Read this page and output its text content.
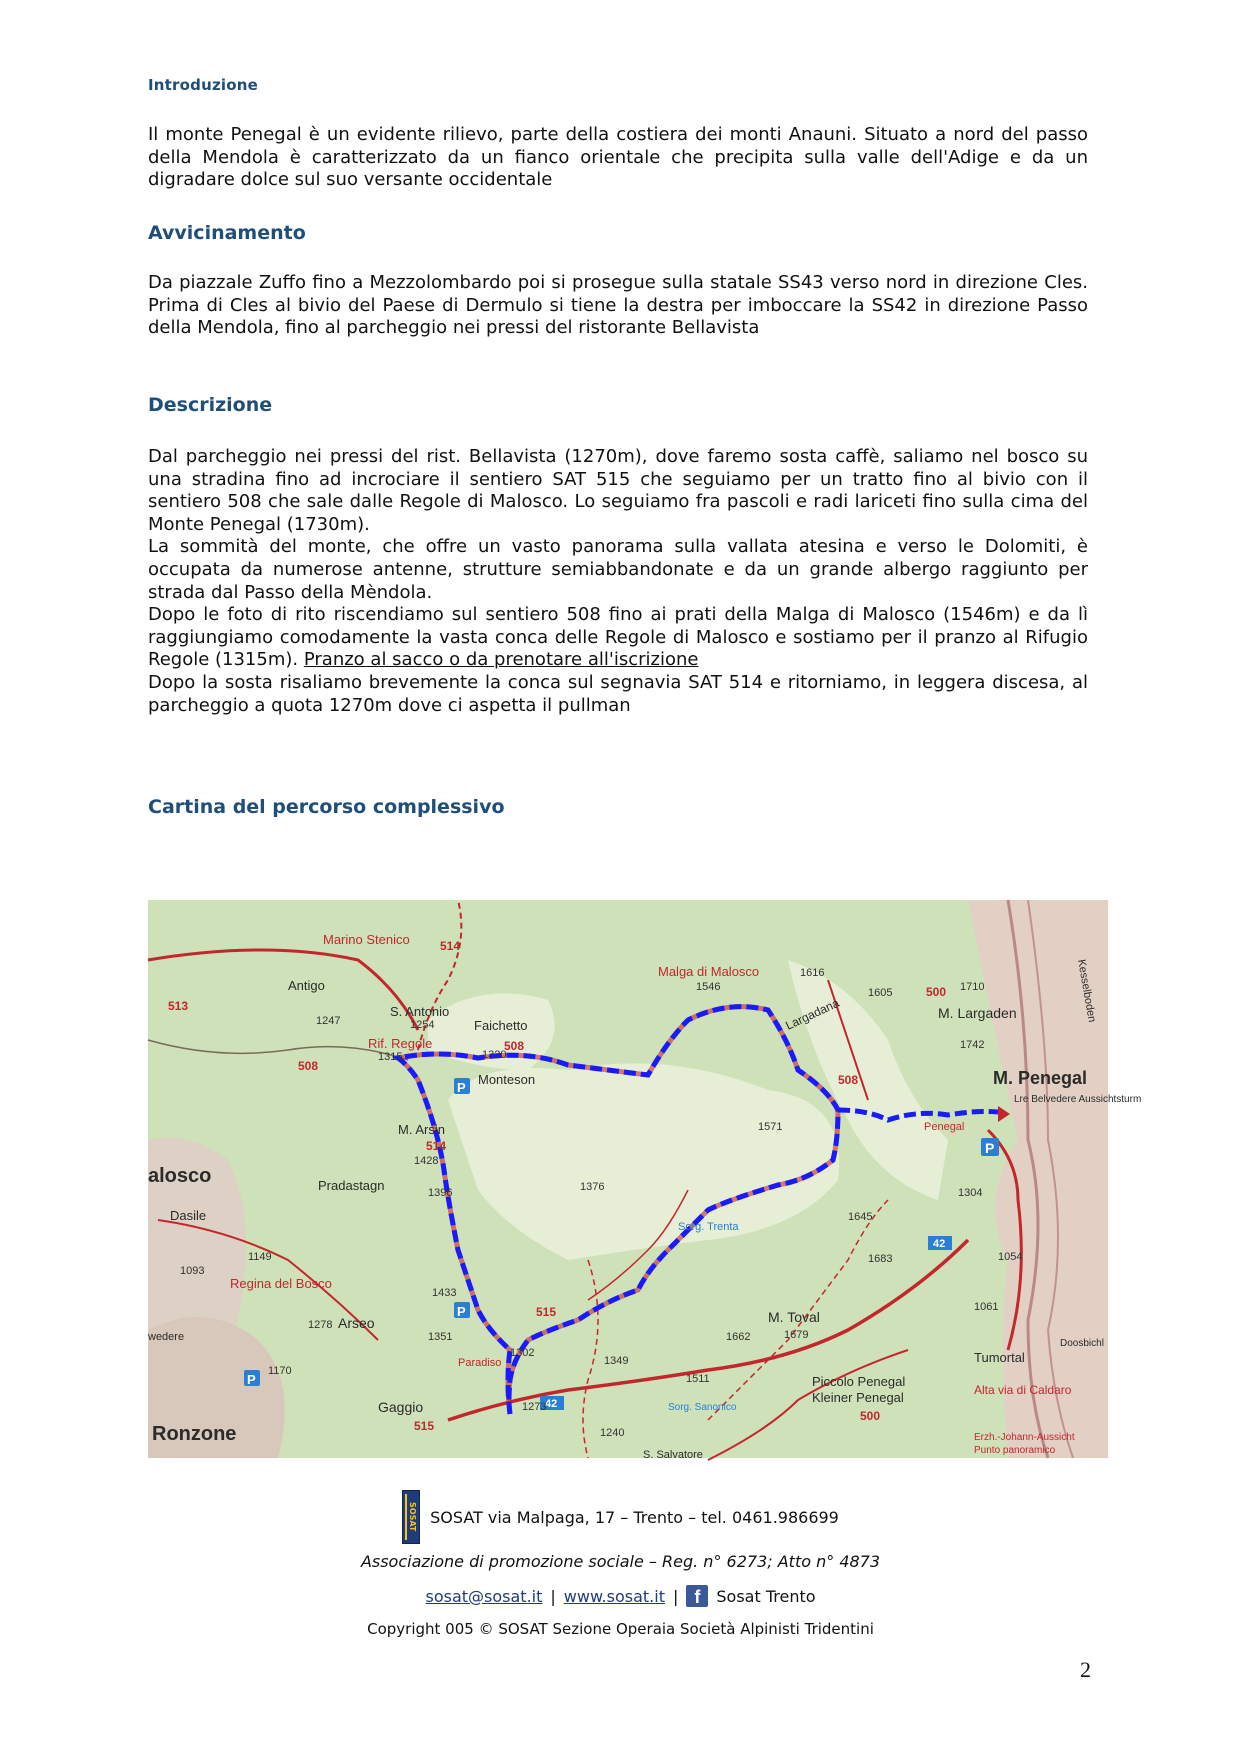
Introduzione

Il monte Penegal è un evidente rilievo, parte della costiera dei monti Anauni. Situato a nord del passo della Mendola è caratterizzato da un fianco orientale che precipita sulla valle dell'Adige e da un digradare dolce sul suo versante occidentale

Avvicinamento

Da piazzale Zuffo fino a Mezzolombardo poi si prosegue sulla statale SS43 verso nord in direzione Cles. Prima di Cles al bivio del Paese di Dermulo si tiene la destra per imboccare la SS42 in direzione Passo della Mendola, fino al parcheggio nei pressi del ristorante Bellavista

Descrizione

Dal parcheggio nei pressi del rist. Bellavista (1270m), dove faremo sosta caffè, saliamo nel bosco su una stradina fino ad incrociare il sentiero SAT 515 che seguiamo per un tratto fino al bivio con il sentiero 508 che sale dalle Regole di Malosco. Lo seguiamo fra pascoli e radi lariceti fino sulla cima del Monte Penegal (1730m).

La sommità del monte, che offre un vasto panorama sulla vallata atesina e verso le Dolomiti, è occupata da numerose antenne, strutture semiabbandonate e da un grande albergo raggiunto per strada dal Passo della Mèndola.

Dopo le foto di rito riscendiamo sul sentiero 508 fino ai prati della Malga di Malosco (1546m) e da lì raggiungiamo comodamente la vasta conca delle Regole di Malosco e sostiamo per il pranzo al Rifugio Regole (1315m). Pranzo al sacco o da prenotare all'iscrizione

Dopo la sosta risaliamo brevemente la conca sul segnavia SAT 514 e ritorniamo, in leggera discesa, al parcheggio a quota 1270m dove ci aspetta il pullman

Cartina del percorso complessivo
P
P
P
P
42
42
Marino Stenico
Antigo
S. Antonio
Rif. Regole
Faichetto
Monteson
Malga di Malosco
M. Largaden
Largadana
M. Penegal
Lre Belvedere Aussichtsturm
Penegal
M. Arsin
Pradastagn
alosco
Dasile
Regina del Bosco
Arseo
Sorg. Trenta
M. Toval
Piccolo Penegal
Kleiner Penegal
Ronzone
Gaggio
Paradiso
S. Salvatore
Alta via di Caldaro
Erzh.-Johann-Aussicht
Punto panoramico
Tumortal
Doosbichl
Kesselboden
wedere
Sorg. Sanonico
1247	1254
1320
1315
1546
1616
1605	1710
1742
1571
1428
1396	1376
1645
1683
1304
1093
1149
1433
1351
1278
1302
1349
1511
1662	1679
1054
1061
1170
1273
1240
513
508
508
508
514
514
515
515
500
500
SOSAT SOSAT via Malpaga, 17 – Trento – tel. 0461.986699
Associazione di promozione sociale – Reg. n° 6273; Atto n° 4873
sosat@sosat.it | www.sosat.it | f	Sosat Trento
Copyright 005 © SOSAT Sezione Operaia Società Alpinisti Tridentini
2
